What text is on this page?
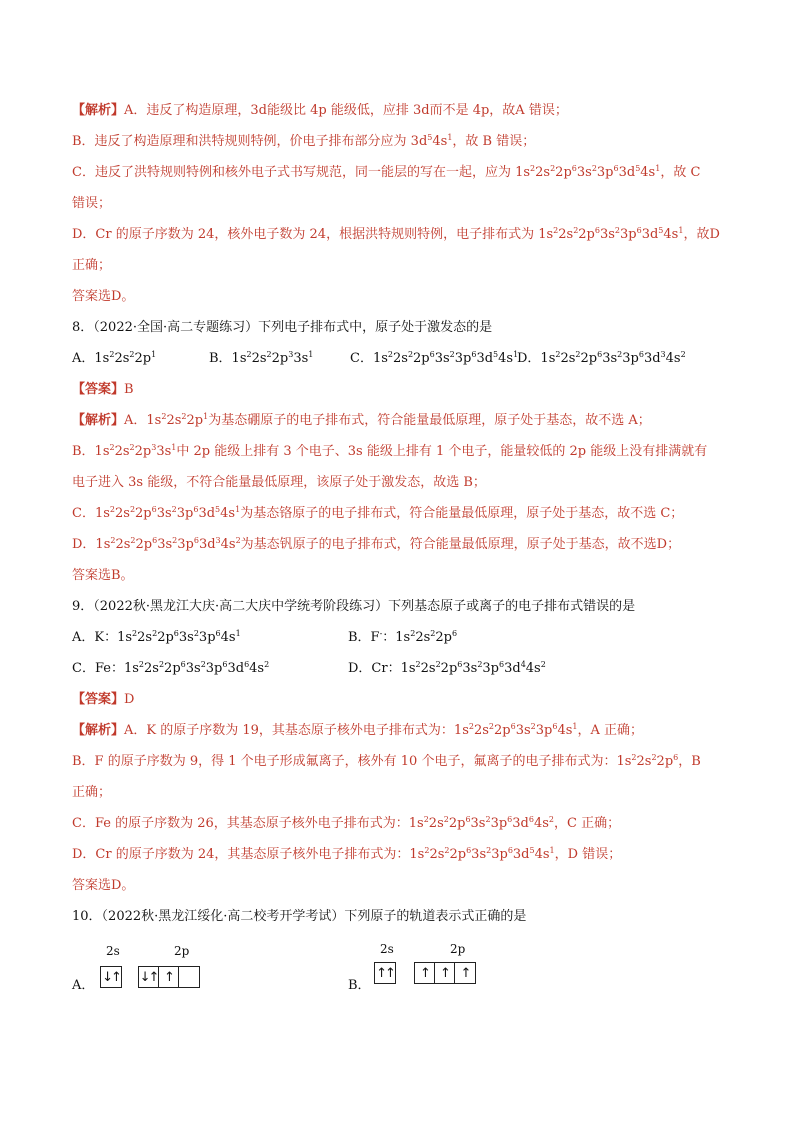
【解析】A．违反了构造原理，3d能级比 4p 能级低，应排 3d而不是 4p，故A 错误；
B．违反了构造原理和洪特规则特例，价电子排布部分应为 $3d^54s^1$，故 B 错误；
C．违反了洪特规则特例和核外电子式书写规范，同一能层的写在一起，应为 $1s^22s^22p^63s^23p^63d^54s^1$，故 C
错误；
D．Cr 的原子序数为 24，核外电子数为 24，根据洪特规则特例，电子排布式为 $1s^22s^22p^63s^23p^63d^54s^1$，故D
正确；
答案选D。
8．（2022·全国·高二专题练习）下列电子排布式中，原子处于激发态的是
A．$1s^22s^22p^1$	B．$1s^22s^22p^33s^1$	C．$1s^22s^22p^63s^23p^63d^54s^1$
D．$1s^22s^22p^63s^23p^63d^34s^2$
【答案】B
【解析】A．$1s^22s^22p^1$为基态硼原子的电子排布式，符合能量最低原理，原子处于基态，故不选 A；
B．$1s^22s^22p^33s^1$中 2p 能级上排有 3 个电子、3s 能级上排有 1 个电子，能量较低的 2p 能级上没有排满就有
电子进入 3s 能级，不符合能量最低原理，该原子处于激发态，故选 B；
C．$1s^22s^22p^63s^23p^63d^54s^1$为基态铬原子的电子排布式，符合能量最低原理，原子处于基态，故不选 C；
D．$1s^22s^22p^63s^23p^63d^34s^2$为基态钒原子的电子排布式，符合能量最低原理，原子处于基态，故不选D；
答案选B。
9．（2022秋·黑龙江大庆·高二大庆中学统考阶段练习）下列基态原子或离子的电子排布式错误的是
A．K：$1s^22s^22p^63s^23p^64s^1$	B．F-：$1s^22s^22p^6$
C．Fe：$1s^22s^22p^63s^23p^63d^64s^2$	D．Cr：$1s^22s^22p^63s^23p^63d^44s^2$
【答案】D
【解析】A．K 的原子序数为 19，其基态原子核外电子排布式为：$1s^22s^22p^63s^23p^64s^1$，A 正确；
B．F 的原子序数为 9，得 1 个电子形成氟离子，核外有 10 个电子，氟离子的电子排布式为：$1s^22s^22p^6$，B
正确；
C．Fe 的原子序数为 26，其基态原子核外电子排布式为：$1s^22s^22p^63s^23p^63d^64s^2$，C 正确；
D．Cr 的原子序数为 24，其基态原子核外电子排布式为：$1s^22s^22p^63s^23p^63d^54s^1$，D 错误；
答案选D。
10．（2022秋·黑龙江绥化·高二校考开学考试）下列原子的轨道表示式正确的是
A．
2s	2p
↓↑ ↓↑ ↑
B．
2s	2p
↑↑	↑ ↑ ↑
